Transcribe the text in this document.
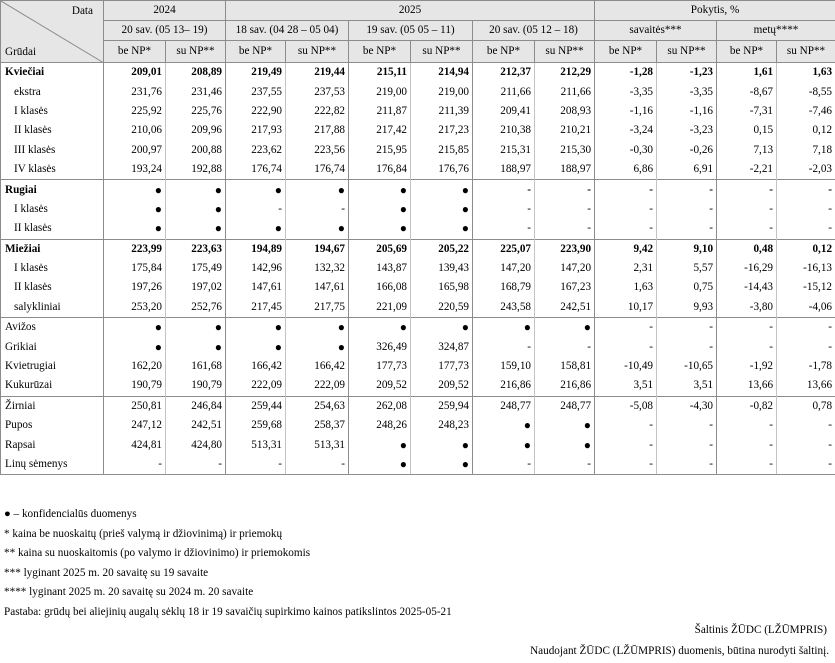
Data
Grūdai	2024		2025						Pokytis, %			
	20 sav. (05 13– 19)		18 sav. (04 28 – 05 04)		19 sav. (05 05 – 11)		20 sav. (05 12 – 18)		savaitės***		metų****	
	be NP*	su NP**	be NP*	su NP**	be NP*	su NP**	be NP*	su NP**	be NP*	su NP**	be NP*	su NP**
Kviečiai	209,01	208,89	219,49	219,44	215,11	214,94	212,37	212,29	-1,28	-1,23	1,61	1,63
ekstra	231,76	231,46	237,55	237,53	219,00	219,00	211,66	211,66	-3,35	-3,35	-8,67	-8,55
I klasės	225,92	225,76	222,90	222,82	211,87	211,39	209,41	208,93	-1,16	-1,16	-7,31	-7,46
II klasės	210,06	209,96	217,93	217,88	217,42	217,23	210,38	210,21	-3,24	-3,23	0,15	0,12
III klasės	200,97	200,88	223,62	223,56	215,95	215,85	215,31	215,30	-0,30	-0,26	7,13	7,18
IV klasės	193,24	192,88	176,74	176,74	176,84	176,76	188,97	188,97	6,86	6,91	-2,21	-2,03
Rugiai	●	●	●	●	●	●	-	-	-	-	-	-
I klasės	●	●	-	-	●	●	-	-	-	-	-	-
II klasės	●	●	●	●	●	●	-	-	-	-	-	-
Miežiai	223,99	223,63	194,89	194,67	205,69	205,22	225,07	223,90	9,42	9,10	0,48	0,12
I klasės	175,84	175,49	142,96	132,32	143,87	139,43	147,20	147,20	2,31	5,57	-16,29	-16,13
II klasės	197,26	197,02	147,61	147,61	166,08	165,98	168,79	167,23	1,63	0,75	-14,43	-15,12
salykliniai	253,20	252,76	217,45	217,75	221,09	220,59	243,58	242,51	10,17	9,93	-3,80	-4,06
Avižos	●	●	●	●	●	●	●	●	-	-	-	-
Grikiai	●	●	●	●	326,49	324,87	-	-	-	-	-	-
Kvietrugiai	162,20	161,68	166,42	166,42	177,73	177,73	159,10	158,81	-10,49	-10,65	-1,92	-1,78
Kukurūzai	190,79	190,79	222,09	222,09	209,52	209,52	216,86	216,86	3,51	3,51	13,66	13,66
Žirniai	250,81	246,84	259,44	254,63	262,08	259,94	248,77	248,77	-5,08	-4,30	-0,82	0,78
Pupos	247,12	242,51	259,68	258,37	248,26	248,23	●	●	-	-	-	-
Rapsai	424,81	424,80	513,31	513,31	●	●	●	●	-	-	-	-
Linų sėmenys	-	-	-	-	●	●	-	-	-	-	-	-
● – konfidencialūs duomenys
* kaina be nuoskaitų (prieš valymą ir džiovinimą) ir priemokų
** kaina su nuoskaitomis (po valymo ir džiovinimo) ir priemokomis
*** lyginant 2025 m. 20 savaitę su 19 savaite
**** lyginant 2025 m. 20 savaitę su 2024 m. 20 savaite
Pastaba: grūdų bei aliejinių augalų sėklų 18 ir 19 savaičių supirkimo kainos patikslintos 2025-05-21
Šaltinis ŽŪDC (LŽŪMPRIS)
Naudojant ŽŪDC (LŽŪMPRIS) duomenis, būtina nurodyti šaltinį.
